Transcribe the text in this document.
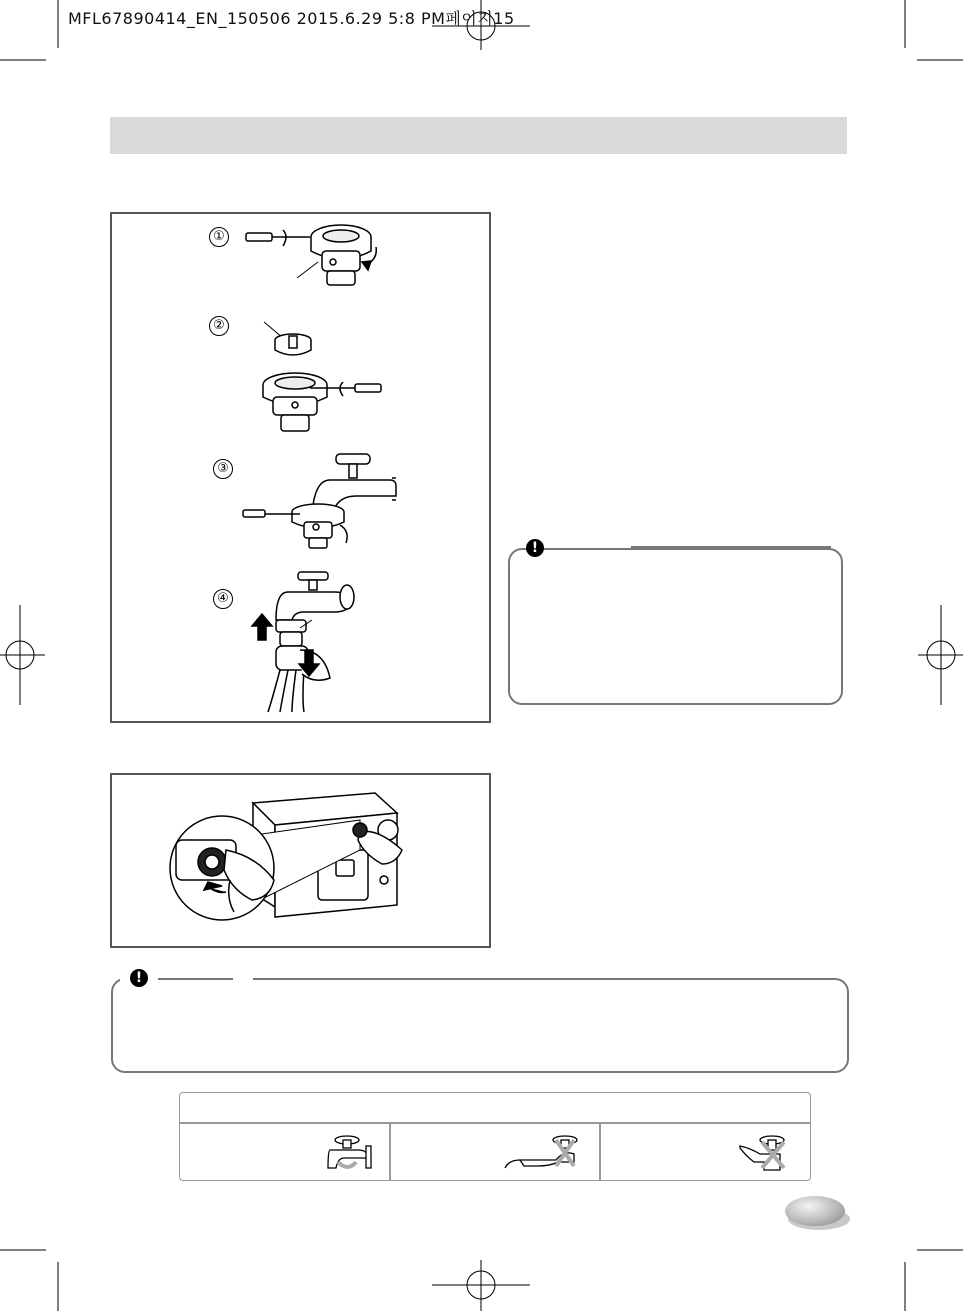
MFL67890414_EN_150506 2015.6.29 5:8 PM페이지15
①
②
③
④
!
!
